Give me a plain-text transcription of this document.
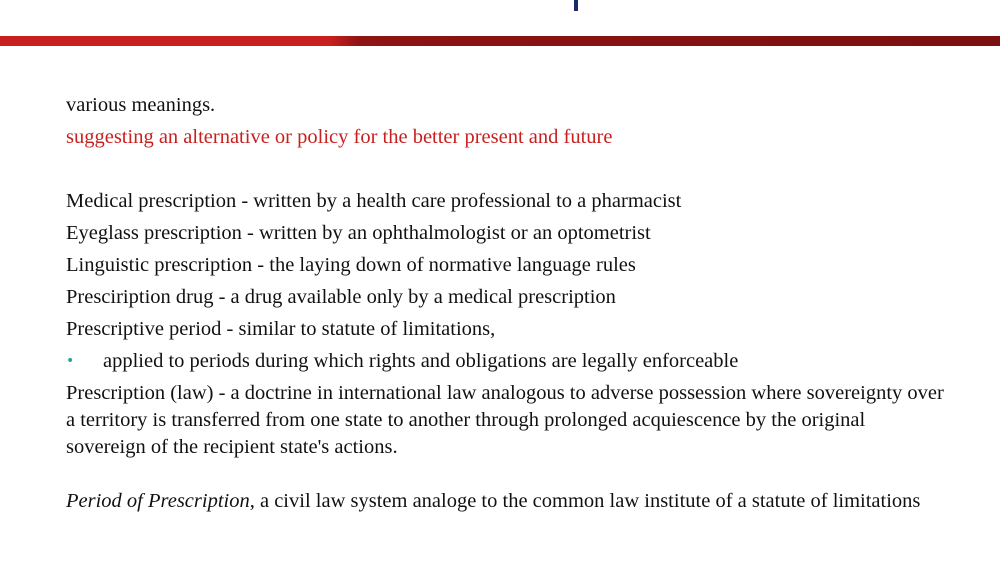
various meanings.

suggesting an alternative or policy for the better present and future

Medical prescription - written by a health care professional to a pharmacist

Eyeglass prescription - written by an ophthalmologist or an optometrist

Linguistic prescription - the laying down of normative language rules

Presciription drug - a drug available only by a medical prescription

Prescriptive period - similar to statute of limitations,

• applied to periods during which rights and obligations are legally enforceable

Prescription (law) - a doctrine in international law analogous to adverse possession where sovereignty over a territory is transferred from one state to another through prolonged acquiescence by the original sovereign of the recipient state's actions.

Period of Prescription, a civil law system analoge to the common law institute of a statute of limitations
